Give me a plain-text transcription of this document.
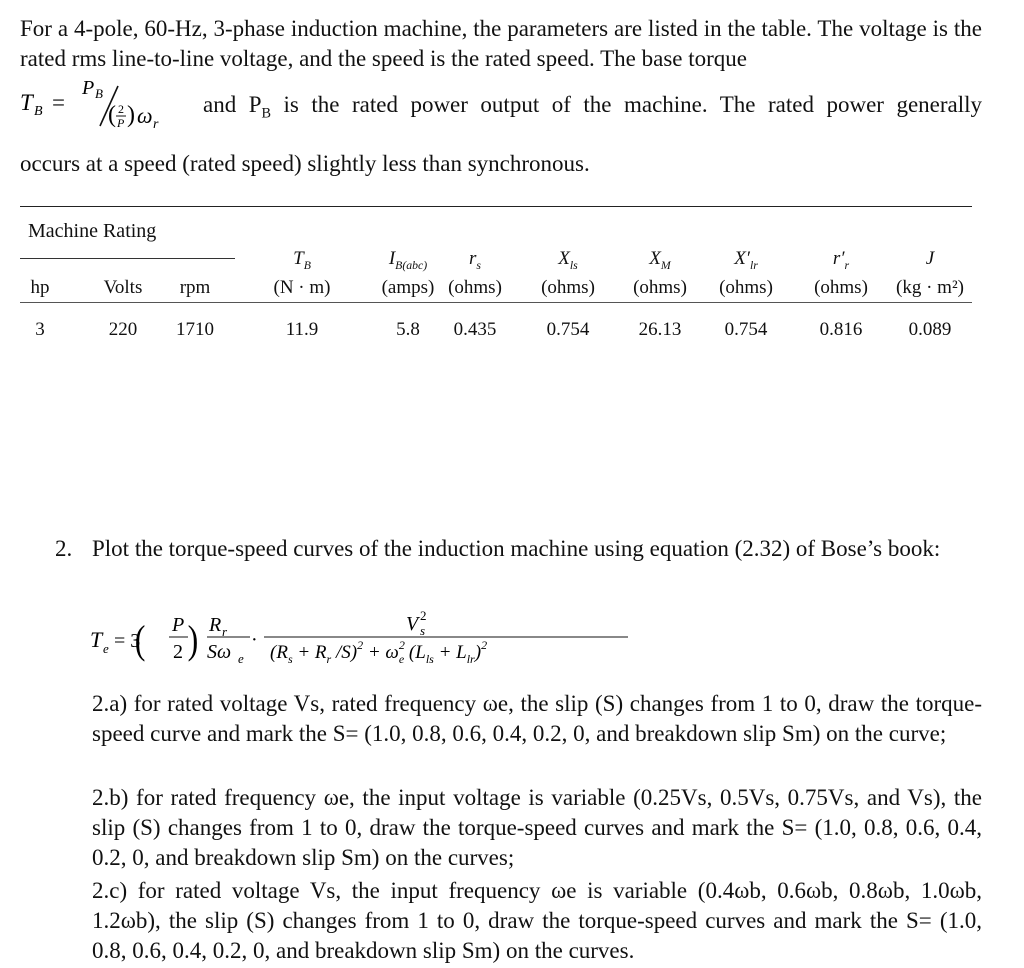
For a 4-pole, 60-Hz, 3-phase induction machine, the parameters are listed in the table. The voltage is the rated rms line-to-line voltage, and the speed is the rated speed. The base torque
T B =
P B
( 2
P ) ω r
and $P_B$ is the rated power output of the machine. The rated power generally
occurs at a speed (rated speed) slightly less than synchronous.
Machine Rating
hp
3
Volts
220
rpm
1710
$T_B$
(N · m)
11.9
$I_{B(abc)}$
(amps)
5.8
$r_s$
(ohms)
0.435
$X_{ls}$
(ohms)
0.754
$X_M$
(ohms)
26.13
$X'_{lr}$
(ohms)
0.754
$r'_r$
(ohms)
0.816
J
(kg · m²)
0.089
2. Plot the torque-speed curves of the induction machine using equation (2.32) of Bose’s book:
T e = 3
( P
2 ) R r
Sω e
·
V 2
s
($R_s + R_r$ $/S)^2 + \omega^2$ e $(L_{ls} + L_{lr})^2$
2.a) for rated voltage Vs, rated frequency ωe, the slip (S) changes from 1 to 0, draw the torque-speed curve and mark the S= (1.0, 0.8, 0.6, 0.4, 0.2, 0, and breakdown slip Sm) on the curve;
2.b) for rated frequency ωe, the input voltage is variable (0.25Vs, 0.5Vs, 0.75Vs, and Vs), the slip (S) changes from 1 to 0, draw the torque-speed curves and mark the S= (1.0, 0.8, 0.6, 0.4, 0.2, 0, and breakdown slip Sm) on the curves;
2.c) for rated voltage Vs, the input frequency ωe is variable (0.4ωb, 0.6ωb, 0.8ωb, 1.0ωb, 1.2ωb), the slip (S) changes from 1 to 0, draw the torque-speed curves and mark the S= (1.0, 0.8, 0.6, 0.4, 0.2, 0, and breakdown slip Sm) on the curves.
